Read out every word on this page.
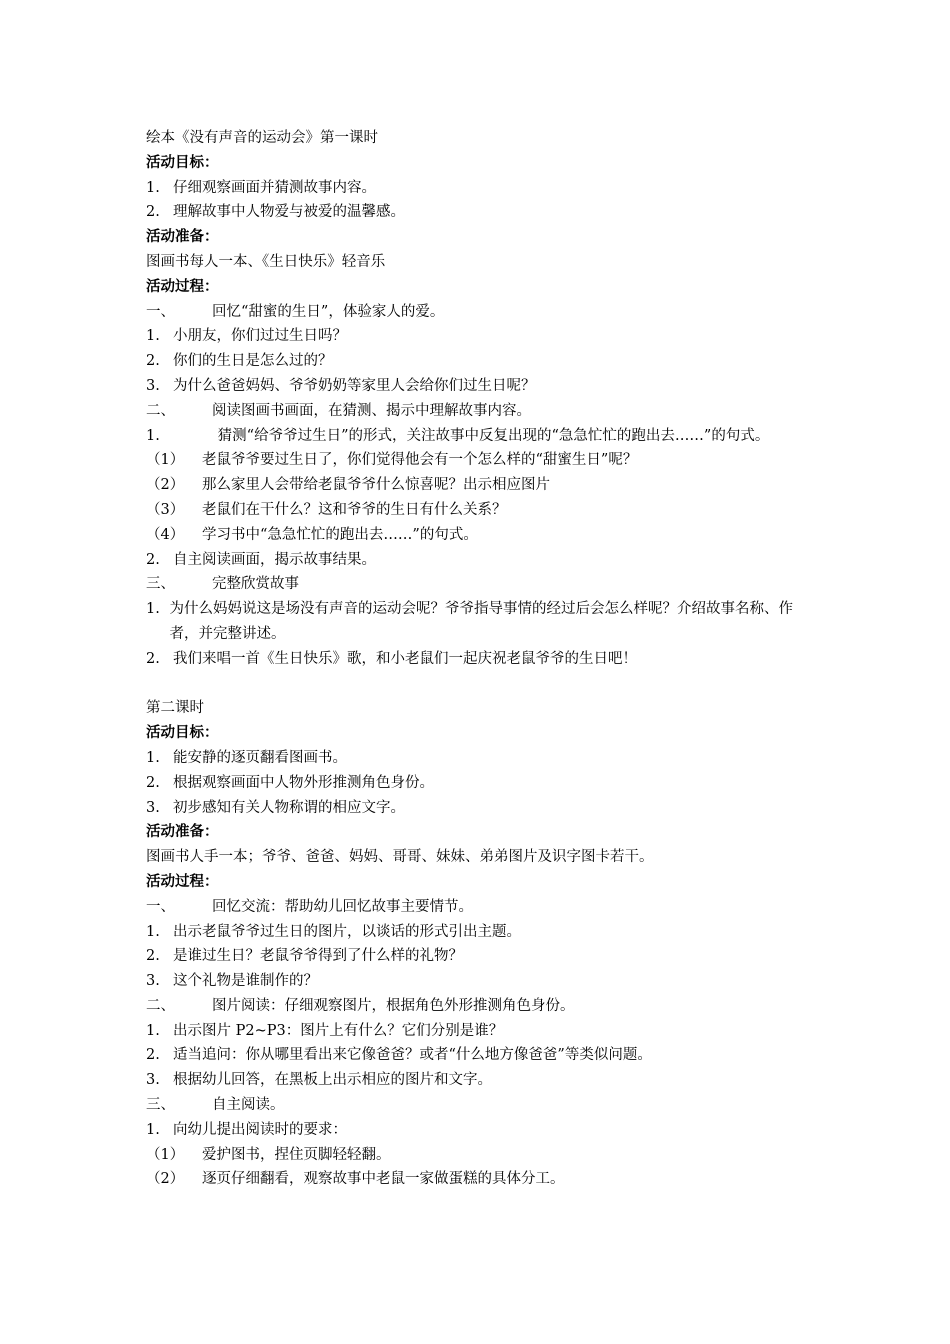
绘本《没有声音的运动会》第一课时
活动目标：
1. 仔细观察画面并猜测故事内容。
2. 理解故事中人物爱与被爱的温馨感。
活动准备：
图画书每人一本、《生日快乐》轻音乐
活动过程：
一、	回忆“甜蜜的生日”，体验家人的爱。
1. 小朋友，你们过过生日吗？
2. 你们的生日是怎么过的？
3. 为什么爸爸妈妈、爷爷奶奶等家里人会给你们过生日呢？
二、	阅读图画书画面，在猜测、揭示中理解故事内容。
1.	猜测“给爷爷过生日”的形式，关注故事中反复出现的“急急忙忙的跑出去……”的句式。
（1）	老鼠爷爷要过生日了，你们觉得他会有一个怎么样的“甜蜜生日”呢？
（2）	那么家里人会带给老鼠爷爷什么惊喜呢？出示相应图片
（3）	老鼠们在干什么？这和爷爷的生日有什么关系？
（4）	学习书中“急急忙忙的跑出去……”的句式。
2. 自主阅读画面，揭示故事结果。
三、	完整欣赏故事
1. 为什么妈妈说这是场没有声音的运动会呢？爷爷指导事情的经过后会怎么样呢？介绍故事名称、作者，并完整讲述。
2. 我们来唱一首《生日快乐》歌，和小老鼠们一起庆祝老鼠爷爷的生日吧！
第二课时
活动目标：
1. 能安静的逐页翻看图画书。
2. 根据观察画面中人物外形推测角色身份。
3. 初步感知有关人物称谓的相应文字。
活动准备：
图画书人手一本；爷爷、爸爸、妈妈、哥哥、妹妹、弟弟图片及识字图卡若干。
活动过程：
一、	回忆交流：帮助幼儿回忆故事主要情节。
1. 出示老鼠爷爷过生日的图片，以谈话的形式引出主题。
2. 是谁过生日？老鼠爷爷得到了什么样的礼物？
3. 这个礼物是谁制作的？
二、	图片阅读：仔细观察图片，根据角色外形推测角色身份。
1. 出示图片 P2~P3：图片上有什么？它们分别是谁？
2. 适当追问：你从哪里看出来它像爸爸？或者“什么地方像爸爸”等类似问题。
3. 根据幼儿回答，在黑板上出示相应的图片和文字。
三、	自主阅读。
1. 向幼儿提出阅读时的要求：
（1）	爱护图书，捏住页脚轻轻翻。
（2）	逐页仔细翻看，观察故事中老鼠一家做蛋糕的具体分工。
